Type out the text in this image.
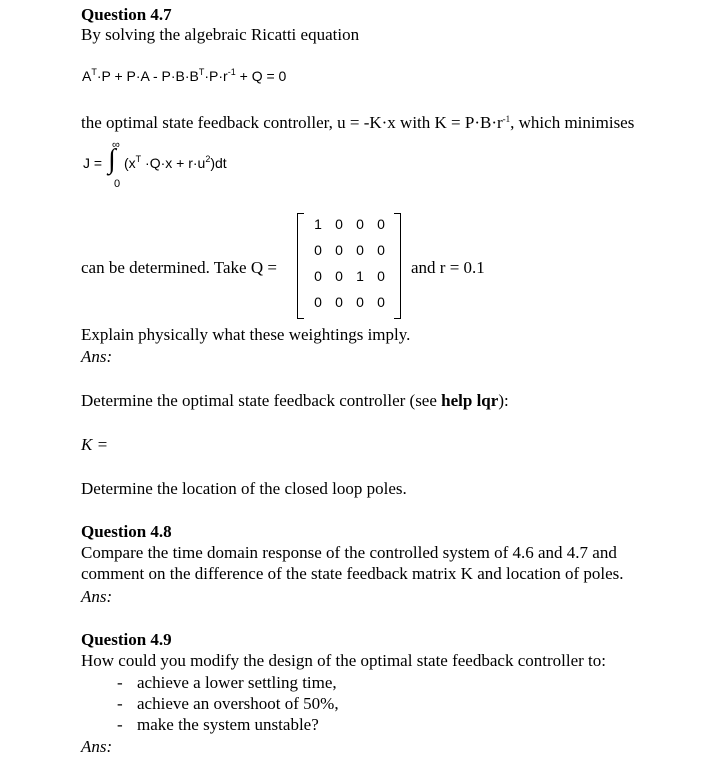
Question 4.7
By solving the algebraic Ricatti equation
$A^T\cdot P + P\cdot A - P\cdot B\cdot B^T\cdot P\cdot r^{-1} + Q = 0$
the optimal state feedback controller, u = -K·x with $K = P\cdot B\cdot r^{-1}$, which minimises
∞
J = ∫ $(x^T \cdot Q\cdot x + r\cdot u^2)dt$
0
can be determined. Take Q =
1 0 0 0
0 0 0 0
0 0 1 0
0 0 0 0
and r = 0.1
Explain physically what these weightings imply.
Ans:
Determine the optimal state feedback controller (see help lqr):
K =
Determine the location of the closed loop poles.
Question 4.8
Compare the time domain response of the controlled system of 4.6 and 4.7 and
comment on the difference of the state feedback matrix K and location of poles.
Ans:
Question 4.9
How could you modify the design of the optimal state feedback controller to:
- achieve a lower settling time,
- achieve an overshoot of 50%,
- make the system unstable?
Ans:
